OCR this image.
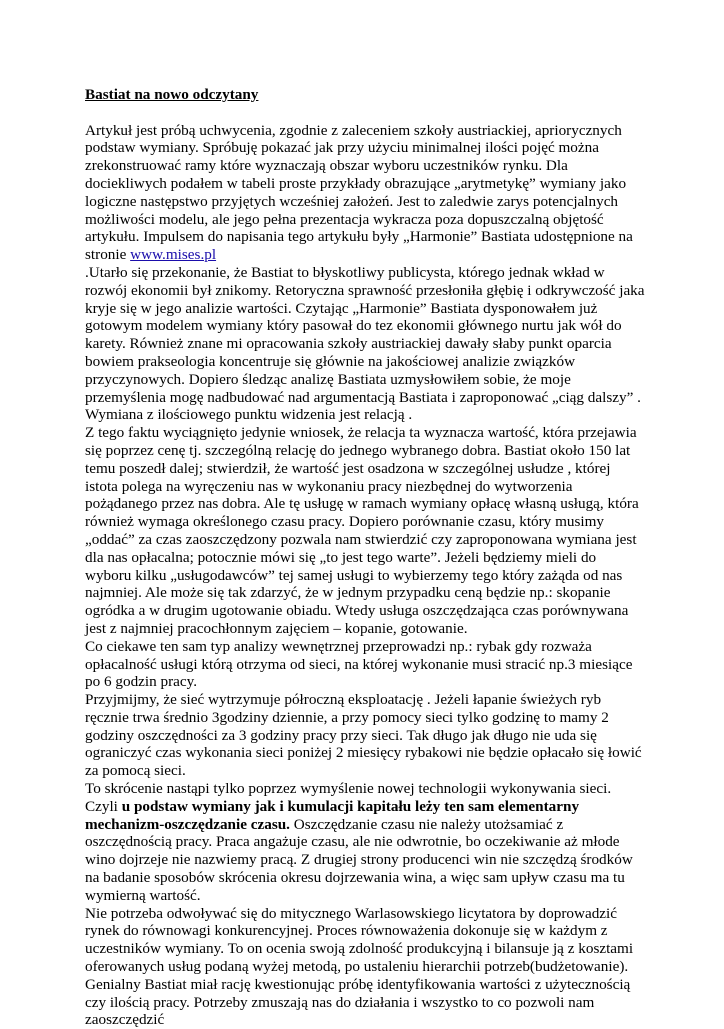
Bastiat na nowo odczytany

Artykuł jest próbą uchwycenia, zgodnie z zaleceniem szkoły austriackiej, apriorycznych podstaw wymiany. Spróbuję pokazać jak przy użyciu minimalnej ilości pojęć można zrekonstruować ramy które wyznaczają obszar wyboru uczestników rynku. Dla dociekliwych podałem w tabeli proste przykłady obrazujące „arytmetykę” wymiany jako logiczne następstwo przyjętych wcześniej założeń. Jest to zaledwie zarys potencjalnych możliwości modelu, ale jego pełna prezentacja wykracza poza dopuszczalną objętość artykułu. Impulsem do napisania tego artykułu były „Harmonie” Bastiata udostępnione na stronie www.mises.pl
.Utarło się przekonanie, że Bastiat to błyskotliwy publicysta, którego jednak wkład w rozwój ekonomii był znikomy. Retoryczna sprawność przesłoniła głębię i odkrywczość jaka kryje się w jego analizie wartości. Czytając „Harmonie” Bastiata dysponowałem już gotowym modelem wymiany który pasował do tez ekonomii głównego nurtu jak wół do karety. Również znane mi opracowania szkoły austriackiej dawały słaby punkt oparcia bowiem prakseologia koncentruje się głównie na jakościowej analizie związków przyczynowych. Dopiero śledząc analizę Bastiata uzmysłowiłem sobie, że moje przemyślenia mogę nadbudować nad argumentacją Bastiata i zaproponować „ciąg dalszy” .

Wymiana z ilościowego punktu widzenia jest relacją .

Z tego faktu wyciągnięto jedynie wniosek, że relacja ta wyznacza wartość, która przejawia się poprzez cenę tj. szczególną relację do jednego wybranego dobra. Bastiat około 150 lat temu poszedł dalej; stwierdził, że wartość jest osadzona w szczególnej usłudze , której istota polega na wyręczeniu nas w wykonaniu pracy niezbędnej do wytworzenia pożądanego przez nas dobra. Ale tę usługę w ramach wymiany opłacę własną usługą, która również wymaga określonego czasu pracy. Dopiero porównanie czasu, który musimy „oddać” za czas zaoszczędzony pozwala nam stwierdzić czy zaproponowana wymiana jest dla nas opłacalna; potocznie mówi się „to jest tego warte”. Jeżeli będziemy mieli do wyboru kilku „usługodawców” tej samej usługi to wybierzemy tego który zażąda od nas najmniej. Ale może się tak zdarzyć, że w jednym przypadku ceną będzie np.: skopanie ogródka a w drugim ugotowanie obiadu. Wtedy usługa oszczędzająca czas porównywana jest z najmniej pracochłonnym zajęciem – kopanie, gotowanie.

Co ciekawe ten sam typ analizy wewnętrznej przeprowadzi np.: rybak gdy rozważa opłacalność usługi którą otrzyma od sieci, na której wykonanie musi stracić np.3 miesiące po 6 godzin pracy.

Przyjmijmy, że sieć wytrzymuje półroczną eksploatację . Jeżeli łapanie świeżych ryb ręcznie trwa średnio 3godziny dziennie, a przy pomocy sieci tylko godzinę to mamy 2 godziny oszczędności za 3 godziny pracy przy sieci. Tak długo jak długo nie uda się ograniczyć czas wykonania sieci poniżej 2 miesięcy rybakowi nie będzie opłacało się łowić za pomocą sieci.

To skrócenie nastąpi tylko poprzez wymyślenie nowej technologii wykonywania sieci.

Czyli u podstaw wymiany jak i kumulacji kapitału leży ten sam elementarny mechanizm-oszczędzanie czasu. Oszczędzanie czasu nie należy utożsamiać z oszczędnością pracy. Praca angażuje czasu, ale nie odwrotnie, bo oczekiwanie aż młode wino dojrzeje nie nazwiemy pracą. Z drugiej strony producenci win nie szczędzą środków na badanie sposobów skrócenia okresu dojrzewania wina, a więc sam upływ czasu ma tu wymierną wartość.

Nie potrzeba odwoływać się do mitycznego Warlasowskiego licytatora by doprowadzić rynek do równowagi konkurencyjnej. Proces równoważenia dokonuje się w każdym z uczestników wymiany. To on ocenia swoją zdolność produkcyjną i bilansuje ją z kosztami oferowanych usług podaną wyżej metodą, po ustaleniu hierarchii potrzeb(budżetowanie).

Genialny Bastiat miał rację kwestionując próbę identyfikowania wartości z użytecznością czy ilością pracy. Potrzeby zmuszają nas do działania i wszystko to co pozwoli nam zaoszczędzić
